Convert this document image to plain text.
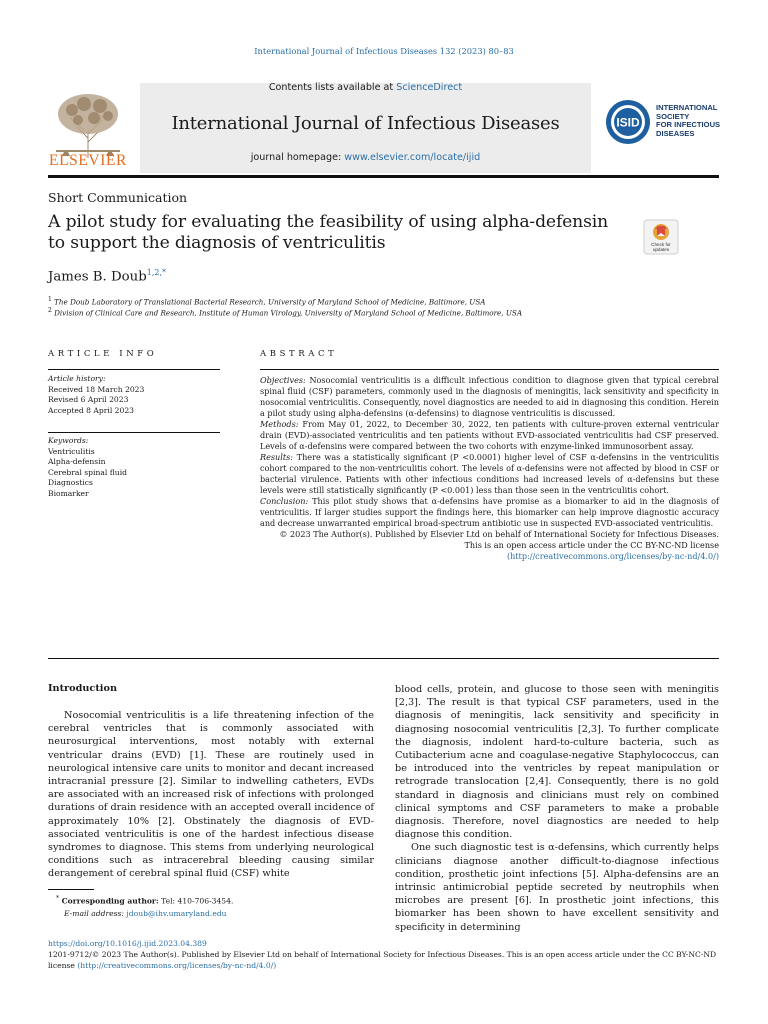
International Journal of Infectious Diseases 132 (2023) 80–83
ELSEVIER
Contents lists available at ScienceDirect
International Journal of Infectious Diseases
journal homepage: www.elsevier.com/locate/ijid
ISID
INTERNATIONAL
SOCIETY
FOR INFECTIOUS
DISEASES
Short Communication
A pilot study for evaluating the feasibility of using alpha-defensin to support the diagnosis of ventriculitis	Check for
updates
James B. Doub$^{1,2,*}$
$^1$ The Doub Laboratory of Translational Bacterial Research, University of Maryland School of Medicine, Baltimore, USA
$^2$ Division of Clinical Care and Research, Institute of Human Virology, University of Maryland School of Medicine, Baltimore, USA
ARTICLE INFO
Article history:
Received 18 March 2023
Revised 6 April 2023
Accepted 8 April 2023
Keywords:
Ventriculitis
Alpha-defensin
Cerebral spinal fluid
Diagnostics
Biomarker
ABSTRACT

Objectives: Nosocomial ventriculitis is a difficult infectious condition to diagnose given that typical cerebral spinal fluid (CSF) parameters, commonly used in the diagnosis of meningitis, lack sensitivity and specificity in nosocomial ventriculitis. Consequently, novel diagnostics are needed to aid in diagnosing this condition. Herein a pilot study using alpha-defensins (α-defensins) to diagnose ventriculitis is discussed.

Methods: From May 01, 2022, to December 30, 2022, ten patients with culture-proven external ventricular drain (EVD)-associated ventriculitis and ten patients without EVD-associated ventriculitis had CSF preserved. Levels of α-defensins were compared between the two cohorts with enzyme-linked immunosorbent assay.

Results: There was a statistically significant (P <0.0001) higher level of CSF α-defensins in the ventriculitis cohort compared to the non-ventriculitis cohort. The levels of α-defensins were not affected by blood in CSF or bacterial virulence. Patients with other infectious conditions had increased levels of α-defensins but these levels were still statistically significantly (P <0.001) less than those seen in the ventriculitis cohort.

Conclusion: This pilot study shows that α-defensins have promise as a biomarker to aid in the diagnosis of ventriculitis. If larger studies support the findings here, this biomarker can help improve diagnostic accuracy and decrease unwarranted empirical broad-spectrum antibiotic use in suspected EVD-associated ventriculitis.

© 2023 The Author(s). Published by Elsevier Ltd on behalf of International Society for Infectious Diseases.

This is an open access article under the CC BY-NC-ND license

(http://creativecommons.org/licenses/by-nc-nd/4.0/)

Introduction

Nosocomial ventriculitis is a life threatening infection of the cerebral ventricles that is commonly associated with neurosurgical interventions, most notably with external ventricular drains (EVD) [1]. These are routinely used in neurological intensive care units to monitor and decant increased intracranial pressure [2]. Similar to indwelling catheters, EVDs are associated with an increased risk of infections with prolonged durations of drain residence with an accepted overall incidence of approximately 10% [2]. Obstinately the diagnosis of EVD-associated ventriculitis is one of the hardest infectious disease syndromes to diagnose. This stems from underlying neurological conditions such as intracerebral bleeding causing similar derangement of cerebral spinal fluid (CSF) white

blood cells, protein, and glucose to those seen with meningitis [2,3]. The result is that typical CSF parameters, used in the diagnosis of meningitis, lack sensitivity and specificity in diagnosing nosocomial ventriculitis [2,3]. To further complicate the diagnosis, indolent hard-to-culture bacteria, such as Cutibacterium acne and coagulase-negative Staphylococcus, can be introduced into the ventricles by repeat manipulation or retrograde translocation [2,4]. Consequently, there is no gold standard in diagnosis and clinicians must rely on combined clinical symptoms and CSF parameters to make a probable diagnosis. Therefore, novel diagnostics are needed to help diagnose this condition.

One such diagnostic test is α-defensins, which currently helps clinicians diagnose another difficult-to-diagnose infectious condition, prosthetic joint infections [5]. Alpha-defensins are an intrinsic antimicrobial peptide secreted by neutrophils when microbes are present [6]. In prosthetic joint infections, this biomarker has been shown to have excellent sensitivity and specificity in determining

* Corresponding author: Tel: 410-706-3454.
E-mail address: jdoub@ihv.umaryland.edu
https://doi.org/10.1016/j.ijid.2023.04.389
1201-9712/© 2023 The Author(s). Published by Elsevier Ltd on behalf of International Society for Infectious Diseases. This is an open access article under the CC BY-NC-ND
license (http://creativecommons.org/licenses/by-nc-nd/4.0/)
